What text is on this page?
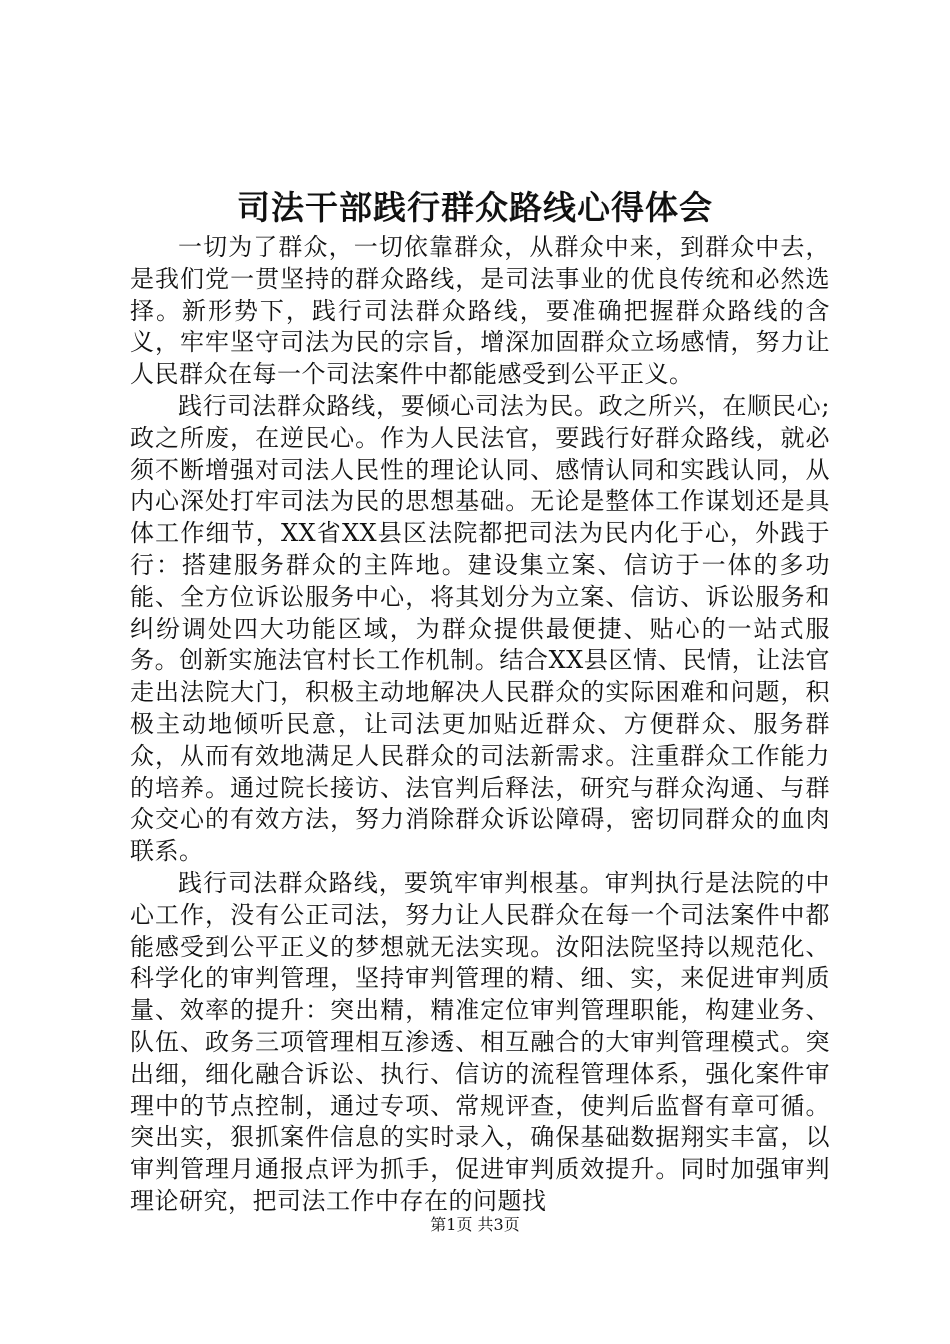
司法干部践行群众路线心得体会

一切为了群众，一切依靠群众，从群众中来，到群众中去，是我们党一贯坚持的群众路线，是司法事业的优良传统和必然选择。新形势下，践行司法群众路线，要准确把握群众路线的含义，牢牢坚守司法为民的宗旨，增深加固群众立场感情，努力让人民群众在每一个司法案件中都能感受到公平正义。

践行司法群众路线，要倾心司法为民。政之所兴，在顺民心;政之所废，在逆民心。作为人民法官，要践行好群众路线，就必须不断增强对司法人民性的理论认同、感情认同和实践认同，从内心深处打牢司法为民的思想基础。无论是整体工作谋划还是具体工作细节，XX省XX县区法院都把司法为民内化于心，外践于行：搭建服务群众的主阵地。建设集立案、信访于一体的多功能、全方位诉讼服务中心，将其划分为立案、信访、诉讼服务和纠纷调处四大功能区域，为群众提供最便捷、贴心的一站式服务。创新实施法官村长工作机制。结合XX县区情、民情，让法官走出法院大门，积极主动地解决人民群众的实际困难和问题，积极主动地倾听民意，让司法更加贴近群众、方便群众、服务群众，从而有效地满足人民群众的司法新需求。注重群众工作能力的培养。通过院长接访、法官判后释法，研究与群众沟通、与群众交心的有效方法，努力消除群众诉讼障碍，密切同群众的血肉联系。

践行司法群众路线，要筑牢审判根基。审判执行是法院的中心工作，没有公正司法，努力让人民群众在每一个司法案件中都能感受到公平正义的梦想就无法实现。汝阳法院坚持以规范化、科学化的审判管理，坚持审判管理的精、细、实，来促进审判质量、效率的提升：突出精，精准定位审判管理职能，构建业务、队伍、政务三项管理相互渗透、相互融合的大审判管理模式。突出细，细化融合诉讼、执行、信访的流程管理体系，强化案件审理中的节点控制，通过专项、常规评查，使判后监督有章可循。突出实，狠抓案件信息的实时录入，确保基础数据翔实丰富，以审判管理月通报点评为抓手，促进审判质效提升。同时加强审判理论研究，把司法工作中存在的问题找

第1页 共3页
